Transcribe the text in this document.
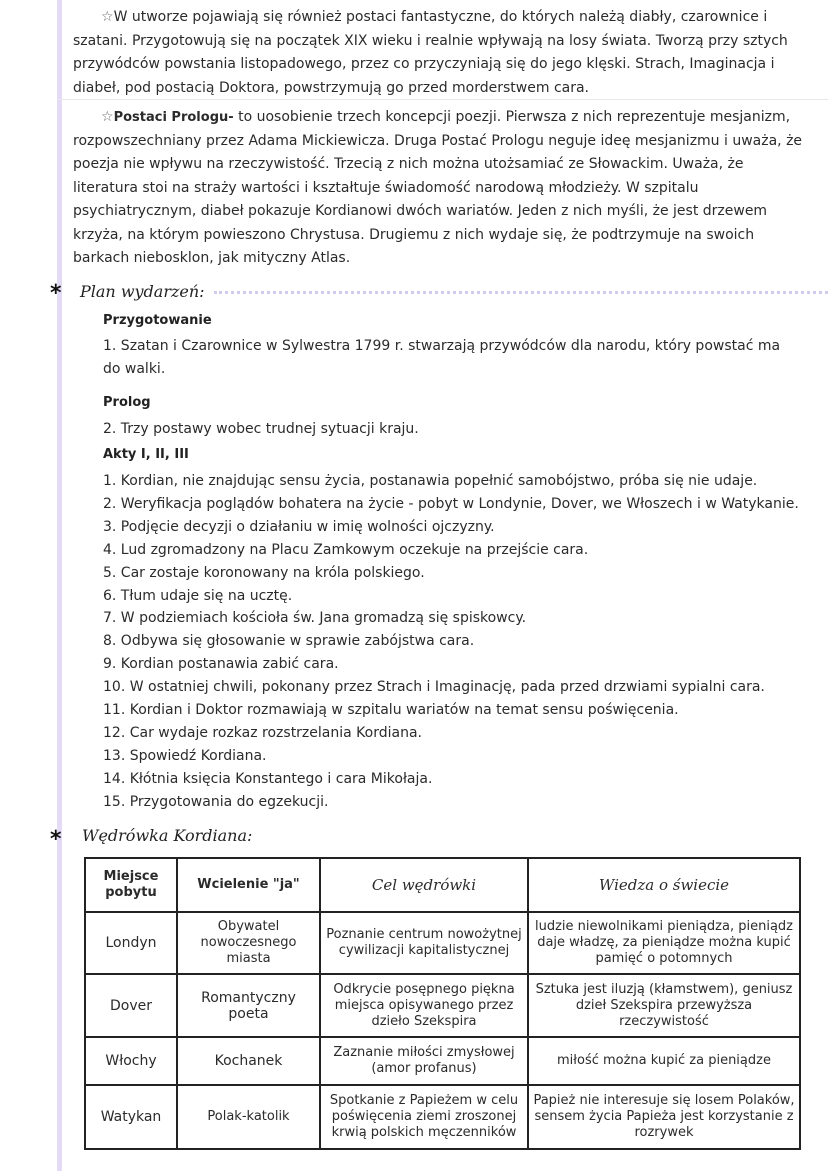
☆W utworze pojawiają się również postaci fantastyczne, do których należą diabły, czarownice i szatani. Przygotowują się na początek XIX wieku i realnie wpływają na losy świata. Tworzą przy sztych przywódców powstania listopadowego, przez co przyczyniają się do jego klęski. Strach, Imaginacja i diabeł, pod postacią Doktora, powstrzymują go przed morderstwem cara.
☆Postaci Prologu- to uosobienie trzech koncepcji poezji. Pierwsza z nich reprezentuje mesjanizm, rozpowszechniany przez Adama Mickiewicza. Druga Postać Prologu neguje ideę mesjanizmu i uważa, że poezja nie wpływu na rzeczywistość. Trzecią z nich można utożsamiać ze Słowackim. Uważa, że literatura stoi na straży wartości i kształtuje świadomość narodową młodzieży. W szpitalu psychiatrycznym, diabeł pokazuje Kordianowi dwóch wariatów. Jeden z nich myśli, że jest drzewem krzyża, na którym powieszono Chrystusa. Drugiemu z nich wydaje się, że podtrzymuje na swoich barkach niebosklon, jak mityczny Atlas.
* Plan wydarzeń:
Przygotowanie
1. Szatan i Czarownice w Sylwestra 1799 r. stwarzają przywódców dla narodu, który powstać ma do walki.
Prolog
2. Trzy postawy wobec trudnej sytuacji kraju.
Akty I, II, III
1. Kordian, nie znajdując sensu życia, postanawia popełnić samobójstwo, próba się nie udaje.
2. Weryfikacja poglądów bohatera na życie - pobyt w Londynie, Dover, we Włoszech i w Watykanie.
3. Podjęcie decyzji o działaniu w imię wolności ojczyzny.
4. Lud zgromadzony na Placu Zamkowym oczekuje na przejście cara.
5. Car zostaje koronowany na króla polskiego.
6. Tłum udaje się na ucztę.
7. W podziemiach kościoła św. Jana gromadzą się spiskowcy.
8. Odbywa się głosowanie w sprawie zabójstwa cara.
9. Kordian postanawia zabić cara.
10. W ostatniej chwili, pokonany przez Strach i Imaginację, pada przed drzwiami sypialni cara.
11. Kordian i Doktor rozmawiają w szpitalu wariatów na temat sensu poświęcenia.
12. Car wydaje rozkaz rozstrzelania Kordiana.
13. Spowiedź Kordiana.
14. Kłótnia księcia Konstantego i cara Mikołaja.
15. Przygotowania do egzekucji.
* Wędrówka Kordiana:
Miejsce pobytu	Wcielenie "ja"	Cel wędrówki	Wiedza o świecie
Londyn	Obywatel nowoczesnego miasta	Poznanie centrum nowożytnej cywilizacji kapitalistycznej	ludzie niewolnikami pieniądza, pieniądz daje władzę, za pieniądze można kupić pamięć o potomnych
Dover	Romantyczny poeta	Odkrycie posępnego piękna miejsca opisywanego przez dzieło Szekspira	Sztuka jest iluzją (kłamstwem), geniusz dzieł Szekspira przewyższa rzeczywistość
Włochy	Kochanek	Zaznanie miłości zmysłowej (amor profanus)	miłość można kupić za pieniądze
Watykan	Polak-katolik	Spotkanie z Papieżem w celu poświęcenia ziemi zroszonej krwią polskich męczenników	Papież nie interesuje się losem Polaków, sensem życia Papieża jest korzystanie z rozrywek
